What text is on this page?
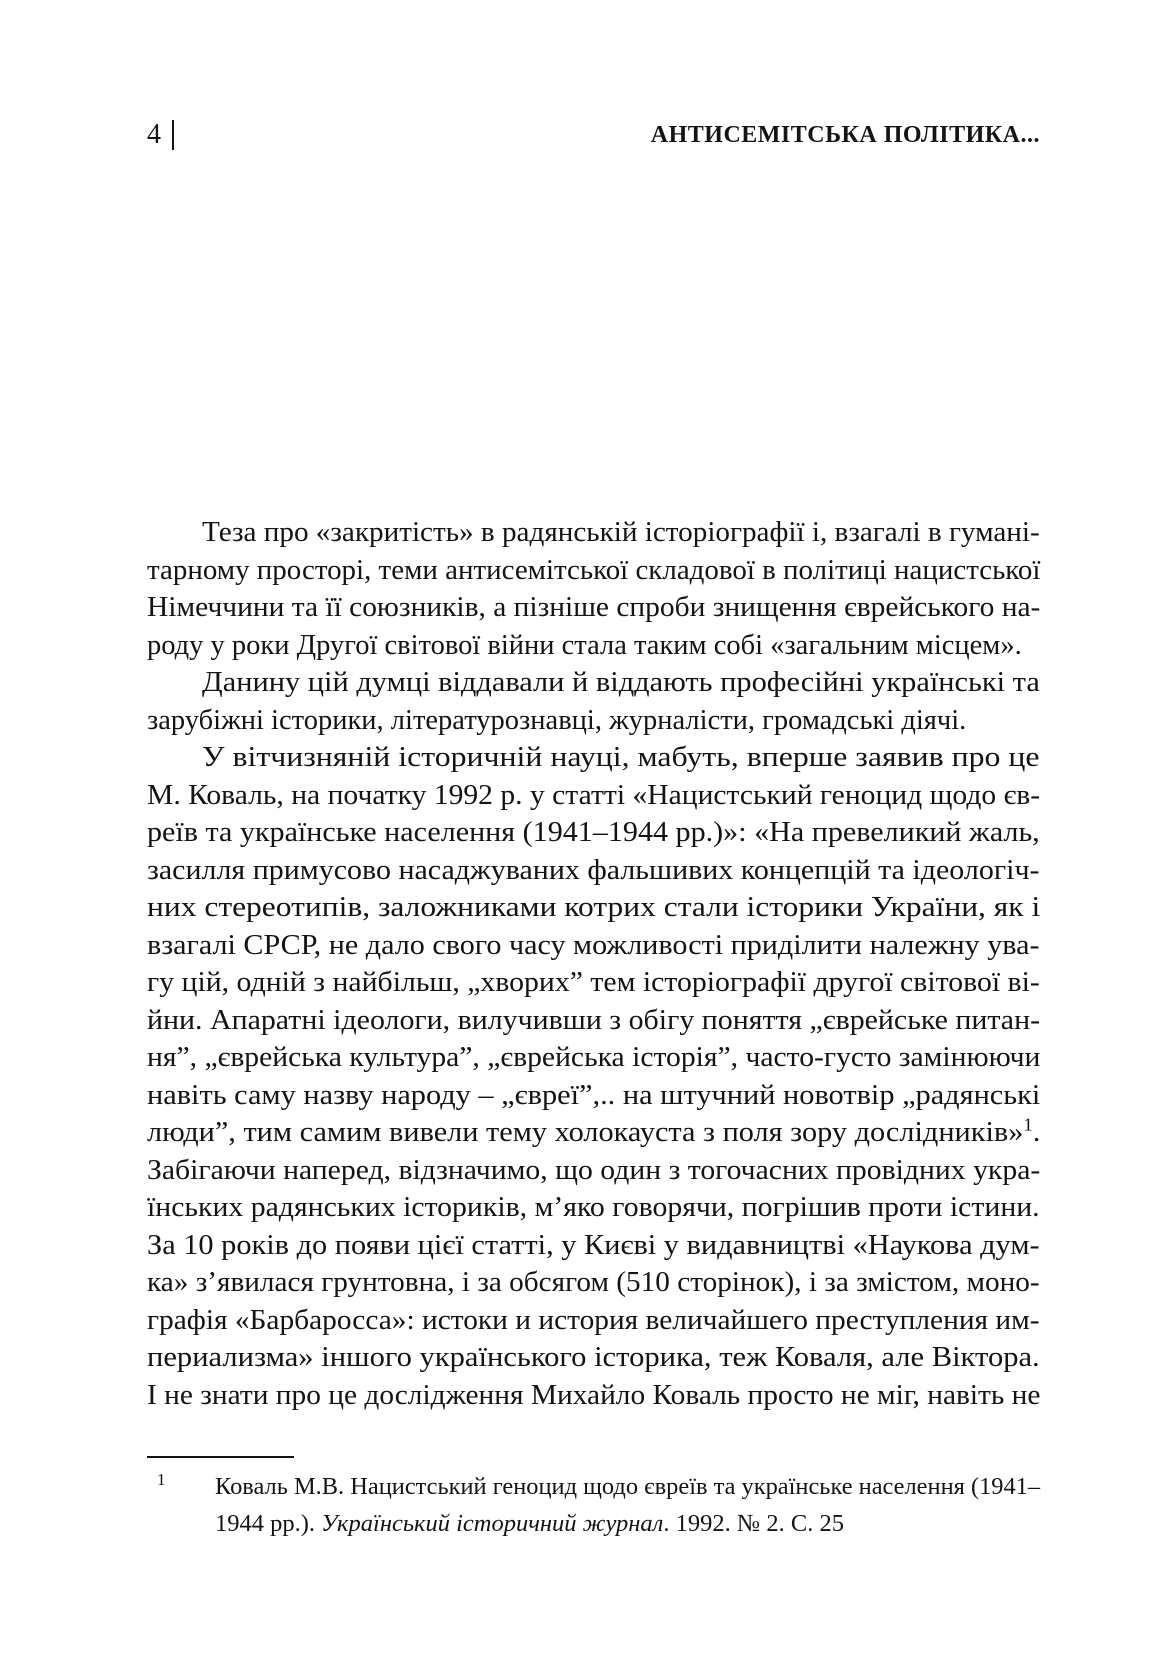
4	АНТИСЕМІТСЬКА ПОЛІТИКА...
Теза про «закритість» в радянській історіографії і, взагалі в гумані-
тарному просторі, теми антисемітської складової в політиці нацистської
Німеччини та її союзників, а пізніше спроби знищення єврейського на-
роду у роки Другої світової війни стала таким собі «загальним місцем».
Данину цій думці віддавали й віддають професійні українські та
зарубіжні історики, літературознавці, журналісти, громадські діячі.
У вітчизняній історичній науці, мабуть, вперше заявив про це
М. Коваль, на початку 1992 р. у статті «Нацистський геноцид щодо єв-
реїв та українське населення (1941–1944 рр.)»: «На превеликий жаль,
засилля примусово насаджуваних фальшивих концепцій та ідеологіч-
них стереотипів, заложниками котрих стали історики України, як і
взагалі СРСР, не дало свого часу можливості приділити належну ува-
гу цій, одній з найбільш, „хворих” тем історіографії другої світової ві-
йни. Апаратні ідеологи, вилучивши з обігу поняття „єврейське питан-
ня”, „єврейська культура”, „єврейська історія”, часто-густо замінюючи
навіть саму назву народу – „євреї”,.. на штучний новотвір „радянські
люди”, тим самим вивели тему холокауста з поля зору дослідників»$^1$.
Забігаючи наперед, відзначимо, що один з тогочасних провідних укра-
їнських радянських істориків, м’яко говорячи, погрішив проти істини.
За 10 років до появи цієї статті, у Києві у видавництві «Наукова дум-
ка» з’явилася грунтовна, і за обсягом (510 сторінок), і за змістом, моно-
графія «Барбаросса»: истоки и история величайшего преступления им-
периализма» іншого українського історика, теж Коваля, але Віктора.
І не знати про це дослідження Михайло Коваль просто не міг, навіть не
1 Коваль М.В. Нацистський геноцид щодо євреїв та українське населення (1941–
1944 рр.). Український історичний журнал. 1992. № 2. С. 25
